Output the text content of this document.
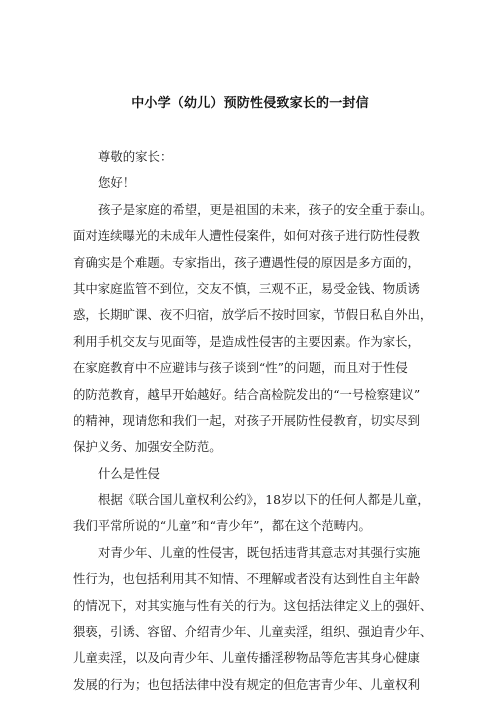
中小学（幼儿）预防性侵致家长的一封信
尊敬的家长：
您好！
孩子是家庭的希望，更是祖国的未来，孩子的安全重于泰山。
面对连续曝光的未成年人遭性侵案件，如何对孩子进行防性侵教
育确实是个难题。专家指出，孩子遭遇性侵的原因是多方面的，
其中家庭监管不到位，交友不慎，三观不正，易受金钱、物质诱
惑，长期旷课、夜不归宿，放学后不按时回家，节假日私自外出，
利用手机交友与见面等，是造成性侵害的主要因素。作为家长，
在家庭教育中不应避讳与孩子谈到“性”的问题，而且对于性侵
的防范教育，越早开始越好。结合高检院发出的“一号检察建议”
的精神，现请您和我们一起，对孩子开展防性侵教育，切实尽到
保护义务、加强安全防范。
什么是性侵
根据《联合国儿童权利公约》，18岁以下的任何人都是儿童，
我们平常所说的“儿童”和“青少年”，都在这个范畴内。
对青少年、儿童的性侵害，既包括违背其意志对其强行实施
性行为，也包括利用其不知情、不理解或者没有达到性自主年龄
的情况下，对其实施与性有关的行为。这包括法律定义上的强奸、
猥亵，引诱、容留、介绍青少年、儿童卖淫，组织、强迫青少年、
儿童卖淫，以及向青少年、儿童传播淫秽物品等危害其身心健康
发展的行为；也包括法律中没有规定的但危害青少年、儿童权利
